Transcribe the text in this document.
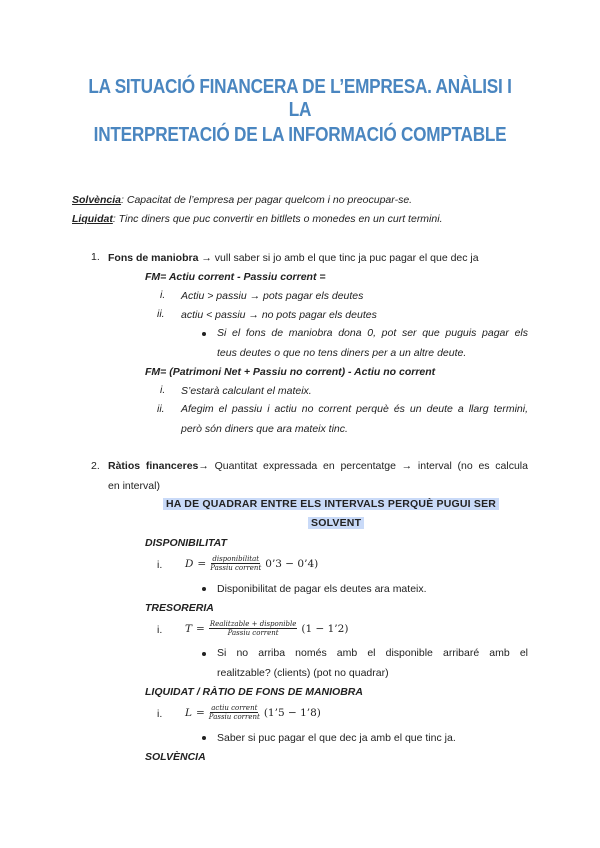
LA SITUACIÓ FINANCERA DE L’EMPRESA. ANÀLISI I LA
INTERPRETACIÓ DE LA INFORMACIÓ COMPTABLE
Solvència: Capacitat de l’empresa per pagar quelcom i no preocupar-se.
Liquidat: Tinc diners que puc convertir en bitllets o monedes en un curt termini.
1. Fons de maniobra → vull saber si jo amb el que tinc ja puc pagar el que dec ja
FM= Actiu corrent - Passiu corrent =
i. Actiu > passiu → pots pagar els deutes
ii. actiu < passiu → no pots pagar els deutes
Si el fons de maniobra dona 0, pot ser que puguis pagar els
teus deutes o que no tens diners per a un altre deute.
FM= (Patrimoni Net + Passiu no corrent) - Actiu no corrent
i. S’estarà calculant el mateix.
ii. Afegim el passiu i actiu no corrent perquè és un deute a llarg termini,
però són diners que ara mateix tinc.
2. Ràtios financeres→ Quantitat expressada en percentatge → interval (no es calcula
en interval)
HA DE QUADRAR ENTRE ELS INTERVALS PERQUÈ PUGUI SER
SOLVENT
DISPONIBILITAT
i. $D = \frac{\text{disponibilitat}}{\text{Passiu corrent}}$ 0’3 − 0’4)
Disponibilitat de pagar els deutes ara mateix.
TRESORERIA
i. $T = \frac{\text{Realitzable + disponible}}{\text{Passiu corrent}} (1$ − 1’2)
Si no arriba només amb el disponible arribaré amb el
realitzable? (clients) (pot no quadrar)
LIQUIDAT / RÀTIO DE FONS DE MANIOBRA
i. $L = \frac{\text{actiu corrent}}{\text{Passiu corrent}}$ (1’5 − 1’8)
Saber si puc pagar el que dec ja amb el que tinc ja.
SOLVÈNCIA
